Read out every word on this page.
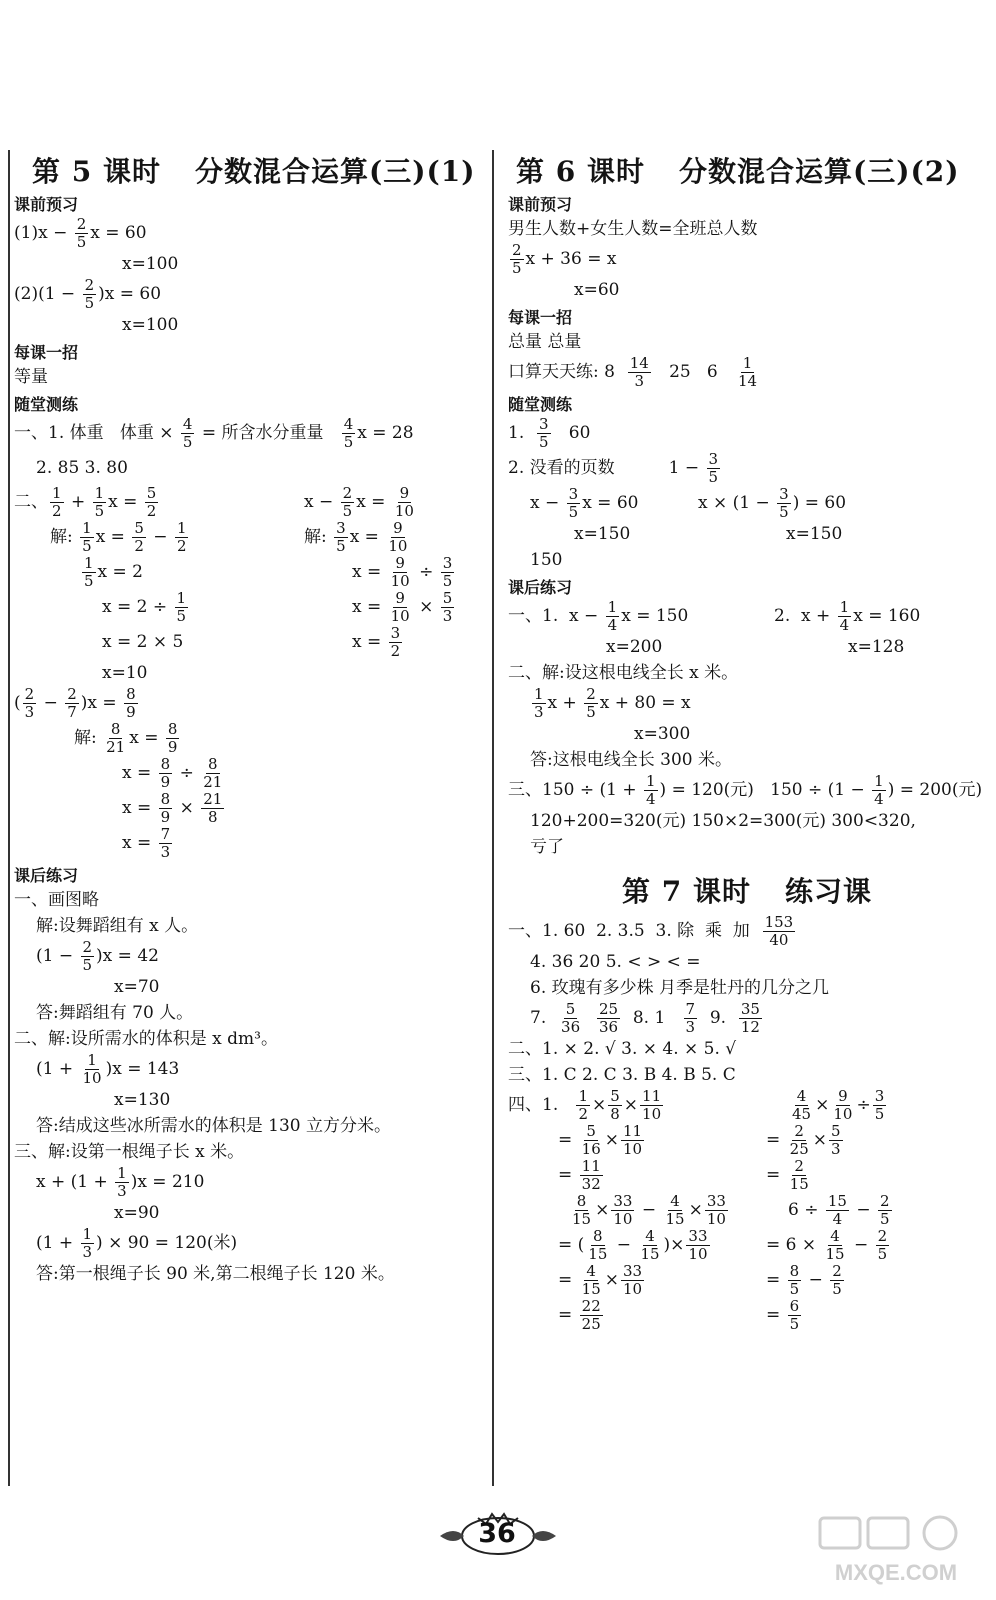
第 5 课时 分数混合运算(三)(1)
课前预习
$(1)x - \frac{2}{5}$ x = 60
x=100
$(2)(1 - \frac{2}{5} )x = 60$
x=100
每课一招
等量
随堂测练
一、1. 体重   体重 × $\frac{4}{5}$ = 所含水分重量 $\frac{4}{5}$ x = 28
2. 85 3. 80
二、 $\frac{1}{2} + \frac{1}{5}$ $x = \frac{5}{2}$
解: $\frac{1}{5}$ $x = \frac{5}{2} - \frac{1}{2}$
$\frac{1}{5}$ x = 2
$x = 2 \div \frac{1}{5}$
x = 2 × 5
$x - \frac{2}{5}$ $x = \frac{9}{10}$
解: $\frac{3}{5}$ $x = \frac{9}{10}$
$x = \frac{9}{10} \div \frac{3}{5}$
$x = \frac{9}{10} \times \frac{5}{3}$
$x = \frac{3}{2}$
x=10
( $\frac{2}{3} - \frac{2}{7} )x = \frac{8}{9}$
解: $\frac{8}{21}$ $x = \frac{8}{9}$
$x = \frac{8}{9} \div \frac{8}{21}$
$x = \frac{8}{9} \times \frac{21}{8}$
$x = \frac{7}{3}$
课后练习
一、画图略
解:设舞蹈组有 x 人。
$(1 - \frac{2}{5} )x = 42$
x=70
答:舞蹈组有 70 人。
二、解:设所需水的体积是 x dm³。
$(1 + \frac{1}{10} )x = 143$
x=130
答:结成这些冰所需水的体积是 130 立方分米。
三、解:设第一根绳子长 x 米。
$x + (1 + \frac{1}{3} )x = 210$
x=90
($1 + \frac{1}{3}$ ) × 90 = 120(米)
答:第一根绳子长 90 米,第二根绳子长 120 米。
第 6 课时 分数混合运算(三)(2)
课前预习
男生人数+女生人数=全班总人数
$\frac{2}{5}$ x + 36 = x
x=60
每课一招
总量 总量
口算天天练: $8 \frac{14}{3} 25$   $6 \frac{1}{14}$
随堂测练
1. $\frac{3}{5} 60$
2. 没看的页数          $1 - \frac{3}{5}$
$x - \frac{3}{5}$ x = 60
x=150
$x \times (1 - \frac{3}{5}$ ) = 60
x=150
150
课后练习
一、1.  $x - \frac{1}{4}$ x = 150
x=200
2.  $x + \frac{1}{4}$ x = 160
x=128
二、解:设这根电线全长 x 米。
$\frac{1}{3}$ $x + \frac{2}{5}$ x + 80 = x
x=300
答:这根电线全长 300 米。
三、$150 \div (1 + \frac{1}{4}$ ) = 120(元)   $150 \div (1 - \frac{1}{4}$ ) = 200(元)
120+200=320(元) 150×2=300(元) 300<320,
亏了
第 7 课时 练习课
一、1. 60  2. 3.5  3. 除  乘  加 $\frac{153}{40}$
4. 36 20 5. < > < =
6. 玫瑰有多少株 月季是牡丹的几分之几
7. $\frac{5}{36}$
$\frac{25}{36} 8$. $1 \frac{7}{3} 9$. $\frac{35}{12}$
二、1. × 2. √ 3. × 4. × 5. √
三、1. C 2. C 3. B 4. B 5. C
四、1. $\frac{1}{2} \times \frac{5}{8} \times \frac{11}{10}$
= $\frac{5}{16} \times \frac{11}{10}$
= $\frac{11}{32}$
$\frac{8}{15} \times \frac{33}{10} - \frac{4}{15} \times \frac{33}{10}$
= ( $\frac{8}{15} - \frac{4}{15}$ )× $\frac{33}{10}$
= $\frac{4}{15} \times \frac{33}{10}$
= $\frac{22}{25}$
$\frac{4}{45} \times \frac{9}{10} \div \frac{3}{5}$
= $\frac{2}{25} \times \frac{5}{3}$
= $\frac{2}{15}$
$6 \div \frac{15}{4} - \frac{2}{5}$
= $6 \times \frac{4}{15} - \frac{2}{5}$
= $\frac{8}{5} - \frac{2}{5}$
= $\frac{6}{5}$
36
MXQE.COM
